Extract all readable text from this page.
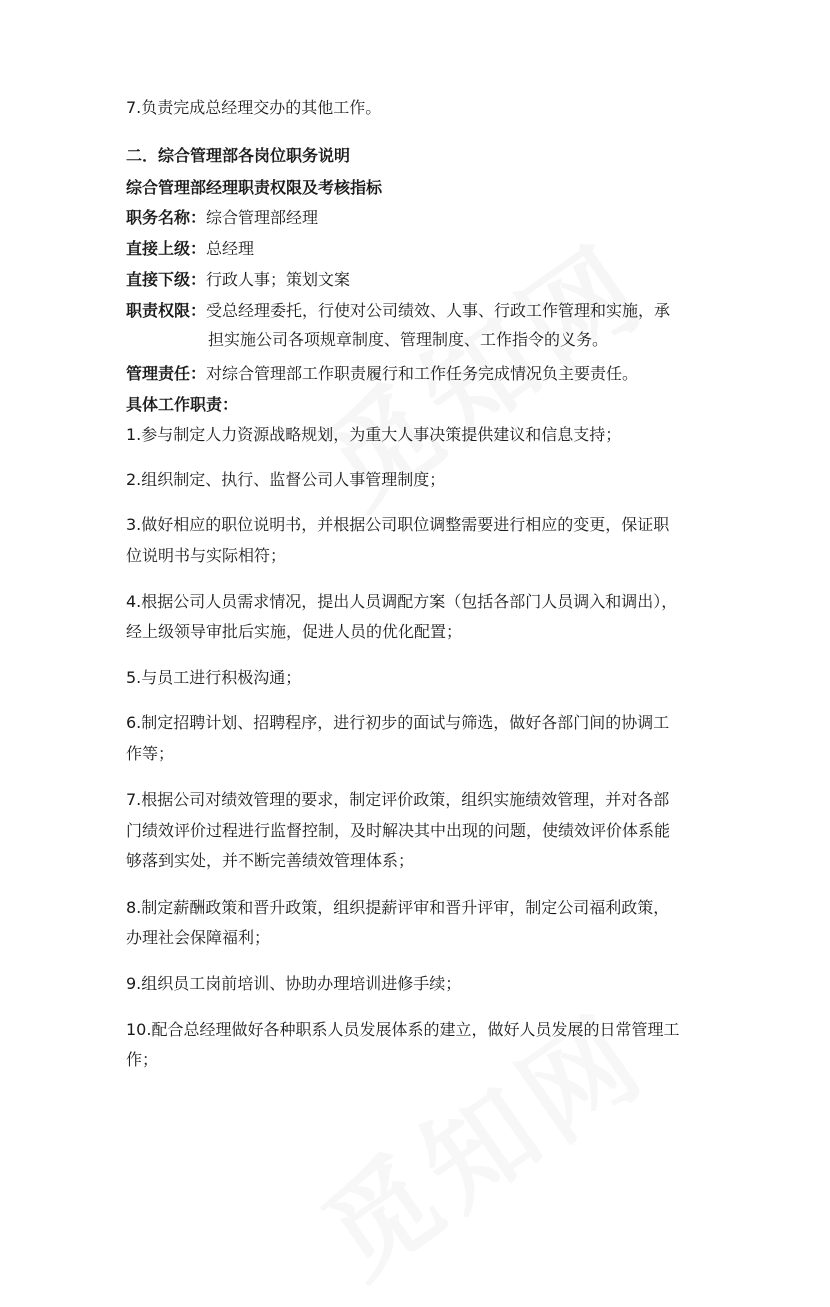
7.负责完成总经理交办的其他工作。
二．综合管理部各岗位职务说明
综合管理部经理职责权限及考核指标
职务名称：综合管理部经理
直接上级：总经理
直接下级：行政人事；策划文案
职责权限：受总经理委托，行使对公司绩效、人事、行政工作管理和实施，承
担实施公司各项规章制度、管理制度、工作指令的义务。
管理责任：对综合管理部工作职责履行和工作任务完成情况负主要责任。
具体工作职责：
1.参与制定人力资源战略规划，为重大人事决策提供建议和信息支持；
2.组织制定、执行、监督公司人事管理制度；
3.做好相应的职位说明书，并根据公司职位调整需要进行相应的变更，保证职
位说明书与实际相符；
4.根据公司人员需求情况，提出人员调配方案（包括各部门人员调入和调出），
经上级领导审批后实施，促进人员的优化配置；
5.与员工进行积极沟通；
6.制定招聘计划、招聘程序，进行初步的面试与筛选，做好各部门间的协调工
作等；
7.根据公司对绩效管理的要求，制定评价政策，组织实施绩效管理，并对各部
门绩效评价过程进行监督控制，及时解决其中出现的问题，使绩效评价体系能
够落到实处，并不断完善绩效管理体系；
8.制定薪酬政策和晋升政策，组织提薪评审和晋升评审，制定公司福利政策，
办理社会保障福利；
9.组织员工岗前培训、协助办理培训进修手续；
10.配合总经理做好各种职系人员发展体系的建立，做好人员发展的日常管理工
作；
